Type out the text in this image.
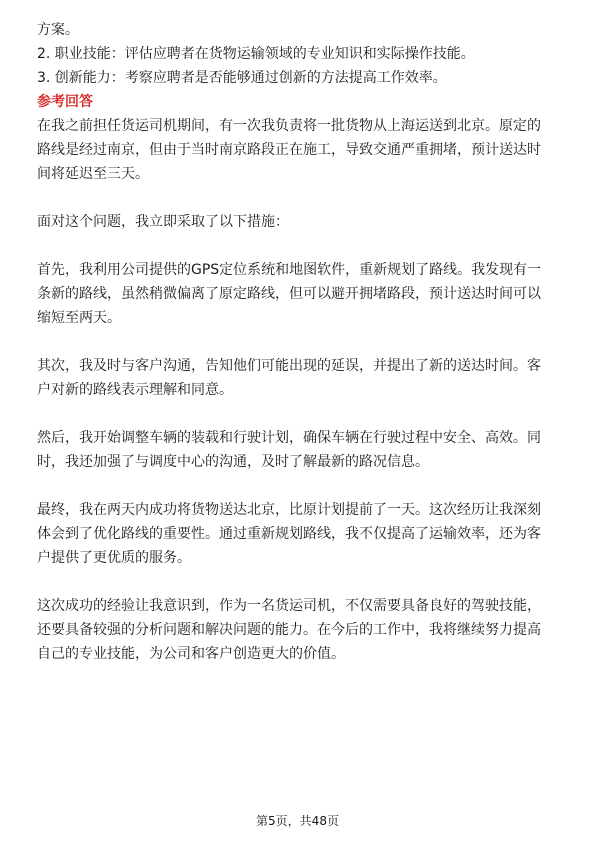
方案。

2. 职业技能：评估应聘者在货物运输领域的专业知识和实际操作技能。

3. 创新能力：考察应聘者是否能够通过创新的方法提高工作效率。

参考回答

在我之前担任货运司机期间，有一次我负责将一批货物从上海运送到北京。原定的

路线是经过南京，但由于当时南京路段正在施工，导致交通严重拥堵，预计送达时

间将延迟至三天。

面对这个问题，我立即采取了以下措施：

首先，我利用公司提供的GPS定位系统和地图软件，重新规划了路线。我发现有一

条新的路线，虽然稍微偏离了原定路线，但可以避开拥堵路段，预计送达时间可以

缩短至两天。

其次，我及时与客户沟通，告知他们可能出现的延误，并提出了新的送达时间。客

户对新的路线表示理解和同意。

然后，我开始调整车辆的装载和行驶计划，确保车辆在行驶过程中安全、高效。同

时，我还加强了与调度中心的沟通，及时了解最新的路况信息。

最终，我在两天内成功将货物送达北京，比原计划提前了一天。这次经历让我深刻

体会到了优化路线的重要性。通过重新规划路线，我不仅提高了运输效率，还为客

户提供了更优质的服务。

这次成功的经验让我意识到，作为一名货运司机，不仅需要具备良好的驾驶技能，

还要具备较强的分析问题和解决问题的能力。在今后的工作中，我将继续努力提高

自己的专业技能，为公司和客户创造更大的价值。

第5页，共48页
